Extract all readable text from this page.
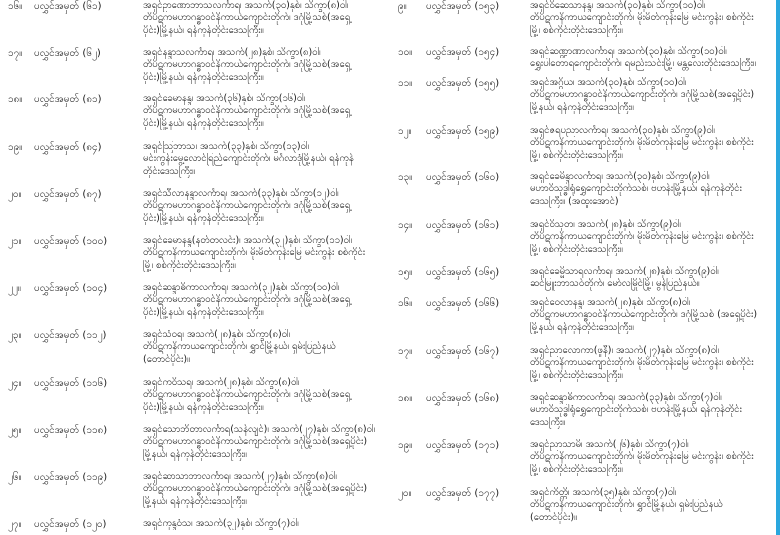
၁၆။ ပလွှင်အမှတ် (၆၁)	အရှင်ဥာဏောဘာသလင်္ကာရ၊ အသက်(၃၀)နှစ်၊ သိက္ခာ(၈)ဝါ၊
တိပိဋကမဟာဂန္ဓာဝင်နိကာယ်ကျောင်းတိုက်၊ ဒဂုံမြို့သစ်(အရှေ့
ပိုင်း)မြို့နယ်၊ ရန်ကုန်တိုင်းဒေသကြီး။
၁၇။ ပလွှင်အမှတ် (၆၂)	အရှင်နန္ဒာသလင်္ကာရ၊ အသက်(၂၈)နှစ်၊ သိက္ခာ(၈)ဝါ၊
တိပိဋကမဟာဂန္ဓာဝင်နိကာယ်ကျောင်းတိုက်၊ ဒဂုံမြို့သစ်(အရှေ့
ပိုင်း)မြို့နယ်၊ ရန်ကုန်တိုင်းဒေသကြီး။
၁၈။ ပလွှင်အမှတ် (၈၁)	အရှင်ခေမာနန္ဒ၊ အသက်(၃၆)နှစ်၊ သိက္ခာ(၁၆)ဝါ၊
တိပိဋကမဟာဂန္ဓာဝင်နိကာယ်ကျောင်းတိုက်၊ ဒဂုံမြို့သစ်(အရှေ့
ပိုင်း)မြို့နယ်၊ ရန်ကုန်တိုင်းဒေသကြီး။
၁၉။ ပလွှင်အမှတ် (၈၄)	အရှင်ဩဘာသ၊ အသက်(၃၃)နှစ်၊ သိက္ခာ(၁၃)ဝါ၊
မင်းကွန်းမွေ့လောင်ရြည်ကျောင်းတိုက်၊ မင်္ဂလာဒုံမြို့နယ်၊ ရန်ကုန်
တိုင်းဒေသကြီး။
၂၀။ ပလွှင်အမှတ် (၈၇)	အရှင်သီလာနန္ဒာလင်္ကာရ၊ အသက်(၃၃)နှစ်၊ သိက္ခာ(၁၂)ဝါ၊
တိပိဋကမဟာဂန္ဓာဝင်နိကာယ်ကျောင်းတိုက်၊ ဒဂုံမြို့သစ်(အရှေ့
ပိုင်း)မြို့နယ်၊ ရန်ကုန်တိုင်းဒေသကြီး။
၂၁။ ပလွှင်အမှတ် (၁၀၀)	အရှင်ခေမာနန္ဒ(နတ်တလင်း)၊ အသက်(၃၂)နှစ်၊ သိက္ခာ(၁၁)ဝါ၊
တိပိဋကနိကာယကျောင်းတိုက်၊ မိုးမိတ်ကုန်းမြေ မင်းကွန်း စစ်ကိုင်း
မြို့၊ စစ်ကိုင်းတိုင်းဒေသကြီး။
၂၂။ ပလွှင်အမှတ် (၁၀၄)	အရှင်ဆန္ဒာဓိကာလင်္ကာရ၊ အသက်(၃၂)နှစ်၊ သိက္ခာ(၁၀)ဝါ၊
တိပိဋကမဟာဂန္ဓာဝင်နိကာယ်ကျောင်းတိုက်၊ ဒဂုံမြို့သစ်(အရှေ့
ပိုင်း)မြို့နယ်၊ ရန်ကုန်တိုင်းဒေသကြီး။
၂၃။ ပလွှင်အမှတ် (၁၁၂)	အရှင်သံဝရ၊ အသက်(၂၈)နှစ်၊ သိက္ခာ(၈)ဝါ၊
တိပိဋကနိကာယကျောင်းတိုက်၊ ရွှာင်မြို့နယ်၊ ရှမ်းပြည်နယ်
(တောင်ပိုင်း)။
၂၄။ ပလွှင်အမှတ် (၁၁၆)	အရှင်ကဝိသရ၊ အသက်(၂၈)နှစ်၊ သိက္ခာ(၈)ဝါ၊
တိပိဋကမဟာဂန္ဓာဝင်နိကာယ်ကျောင်းတိုက်၊ ဒဂုံမြို့သစ်(အရှေ့
ပိုင်း)မြို့နယ်၊ ရန်ကုန်တိုင်းဒေသကြီး။
၂၅။ ပလွှင်အမှတ် (၁၁၈)	အရှင်သောဘိတာလင်္ကာရ(သန်လျင်)၊ အသက်(၂၇)နှစ်၊ သိက္ခာ(၈)ဝါ၊
တိပိဋကမဟာဂန္ဓာဝင်နိကာယ်ကျောင်းတိုက်၊ ဒဂုံမြို့သစ်(အရှေ့ပိုင်း)
မြို့နယ်၊ ရန်ကုန်တိုင်းဒေသကြီး။
၂၆။ ပလွှင်အမှတ် (၁၁၉)	အရှင်ဆာသာဘာလင်္ကာရ၊ အသက်(၂၇)နှစ်၊ သိက္ခာ(၈)ဝါ၊
တိပိဋကမဟာဂန္ဓာဝင်နိကာယ်ကျောင်းတိုက်၊ ဒဂုံမြို့သစ်(အရှေ့ပိုင်း)
မြို့နယ်၊ ရန်ကုန်တိုင်းဒေသကြီး။
၂၇။ ပလွှင်အမှတ် (၁၂၀)	အရှင်ကုန္ဒဝံသ၊ အသက်(၃၂)နှစ်၊ သိက္ခာ(၇)ဝါ၊
၉။ ပလွှင်အမှတ် (၁၅၃)	အရှင်ဝိဆေသာနန္ဒ၊ အသက်(၃၀)နှစ်၊ သိက္ခာ(၁၀)ဝါ၊
တိပိဋကနိကာယကျောင်းတိုက်၊ မိုးမိတ်ကုန်းမြေ မင်းကွန်း၊ စစ်ကိုင်း
မြို့၊ စစ်ကိုင်းတိုင်းဒေသကြီး။
၁၀။ ပလွှင်အမှတ် (၁၅၄)	အရှင်ဆဏ္ဍာဏာလင်္ကာရ၊ အသက်(၃၀)နှစ်၊ သိက္ခာ(၁၀)ဝါ၊
ရွှေးပါတောရကျောင်းတိုက်၊ ရမည်းသင်းမြို့၊ မန္တလေးတိုင်းဒေသကြီး။
၁၁။ ပလွှင်အမှတ် (၁၅၅)	အရှင်အဂ္ဂိယ၊ အသက်(၃၀)နှစ်၊ သိက္ခာ(၁၀)ဝါ၊
တိပိဋကမဟာဂန္ဓာဝင်နိကာယ်ကျောင်းတိုက်၊ ဒဂုံမြို့သစ်(အရှေ့ပိုင်း)
မြို့နယ်၊ ရန်ကုန်တိုင်းဒေသကြီး။
၁၂။ ပလွှင်အမှတ် (၁၅၉)	အရှင်ဇရပညာလင်္ကာရ၊ အသက်(၃၀)နှစ်၊ သိက္ခာ(၉)ဝါ၊
တိပိဋကနိကာယကျောင်းတိုက်၊ မိုးမိတ်ကုန်းမြေ မင်းကွန်း၊ စစ်ကိုင်း
မြို့၊ စစ်ကိုင်းတိုင်းဒေသကြီး။
၁၃။ ပလွှင်အမှတ် (၁၆၀)	အရှင်ခေမိန္ဒာလင်္ကာရ၊ အသက်(၃၀)နှစ်၊ သိက္ခာ(၉)ဝါ၊
မဟာဝိသုဒ္ဓါရုံရွှေကျောင်းတိုက်သစ်၊ ဗဟန်းမြို့နယ်၊ ရန်ကုန်တိုင်း
ဒေသကြီး။ (အထူးအောင်)
၁၄။ ပလွှင်အမှတ် (၁၆၁)	အရှင်ဝိသုတ၊ အသက်(၂၈)နှစ်၊ သိက္ခာ(၉)ဝါ၊
တိပိဋကနိကာယကျောင်းတိုက်၊ မိုးမိတ်ကုန်းမြေ မင်းကွန်း၊ စစ်ကိုင်း
မြို့၊ စစ်ကိုင်းတိုင်းဒေသကြီး။
၁၅။ ပလွှင်အမှတ် (၁၆၅)	အရှင်ခေမ္မိသာရလင်္ကာရ၊ အသက်(၂၈)နှစ်၊ သိက္ခာ(၉)ဝါ၊
ဆင်မြူးဘာသဝ်တိုက်၊ မော်လမြိုင်မြို့၊ မွန်ပြည်နယ်။
၁၆။ ပလွှင်အမှတ် (၁၆၆)	အရှင်ဝေလာနန္ဒ၊ အသက်(၂၈)နှစ်၊ သိက္ခာ(၈)ဝါ၊
တိပိဋကမဟာဂန္ဓာဝင်နိကာယ်ကျောင်းတိုက်၊ ဒဂုံမြို့သစ် (အရှေ့ပိုင်း)
မြို့နယ်၊ ရန်ကုန်တိုင်းဒေသကြီး။
၁၇။ ပလွှင်အမှတ် (၁၆၇)	အရှင်ညာလောကာ(ဖူနီ)၊ အသက်(၂၇)နှစ်၊ သိက္ခာ(၈)ဝါ၊
တိပိဋကနိကာယကျောင်းတိုက်၊ မိုးမိတ်ကုန်းမြေ မင်းကွန်း၊ စစ်ကိုင်း
မြို့၊ စစ်ကိုင်းတိုင်းဒေသကြီး။
၁၈။ ပလွှင်အမှတ် (၁၆၈)	အရှင်ဆန္ဒာဓိကာလင်္ကာရ၊ အသက်(၃၃)နှစ်၊ သိက္ခာ(၇)ဝါ၊
မဟာဝိသုဒ္ဓါရုံရွှေကျောင်းတိုက်သစ်၊ ဗဟန်းမြို့နယ်၊ ရန်ကုန်တိုင်း
ဒေသကြီး။
၁၉။ ပလွှင်အမှတ် (၁၇၁)	အရှင်ညာသာမိ၊ အသက်(၂၆)နှစ်၊ သိက္ခာ(၇)ဝါ၊
တိပိဋကနိကာယကျောင်းတိုက်၊ မိုးမိတ်ကုန်းမြေ မင်းကွန်း၊ စစ်ကိုင်း
မြို့၊ စစ်ကိုင်းတိုင်းဒေသကြီး။
၂၀။ ပလွှင်အမှတ် (၁၇၇)	အရှင်ကိတ္တိ၊ အသက်(၃၅)နှစ်၊ သိက္ခာ(၇)ဝါ၊
တိပိဋကနိကာယကျောင်းတိုက်၊ ရွှာင်မြို့နယ်၊ ရှမ်းပြည်နယ်
(တောင်ပိုင်း)။
